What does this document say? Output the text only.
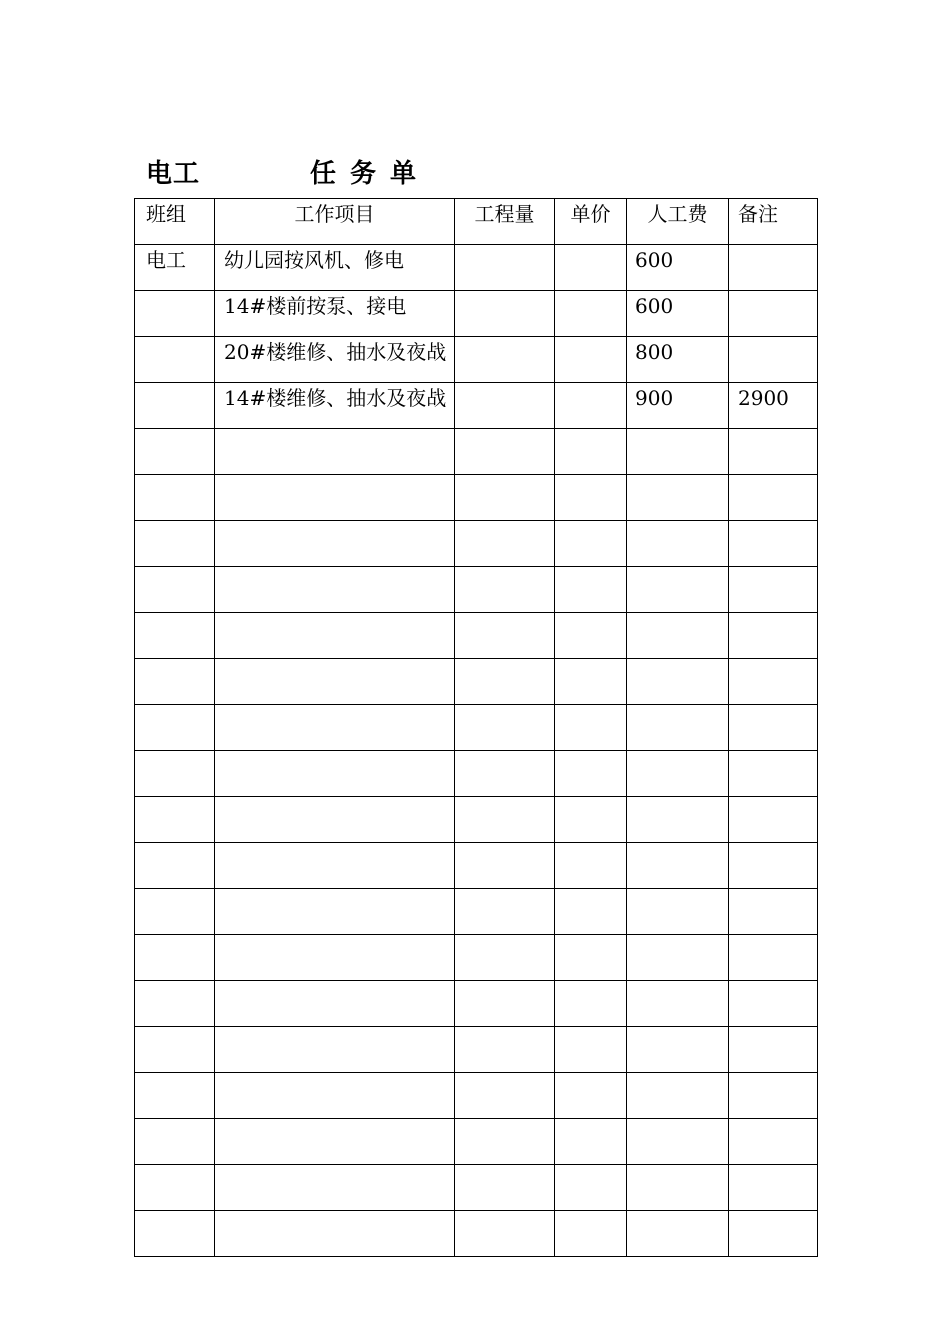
电工	任务单
班组	工作项目	工程量	单价	人工费	备注
电工	幼儿园按风机、修电			600	
	14#楼前按泵、接电			600	
	20#楼维修、抽水及夜战			800	
	14#楼维修、抽水及夜战			900	2900
